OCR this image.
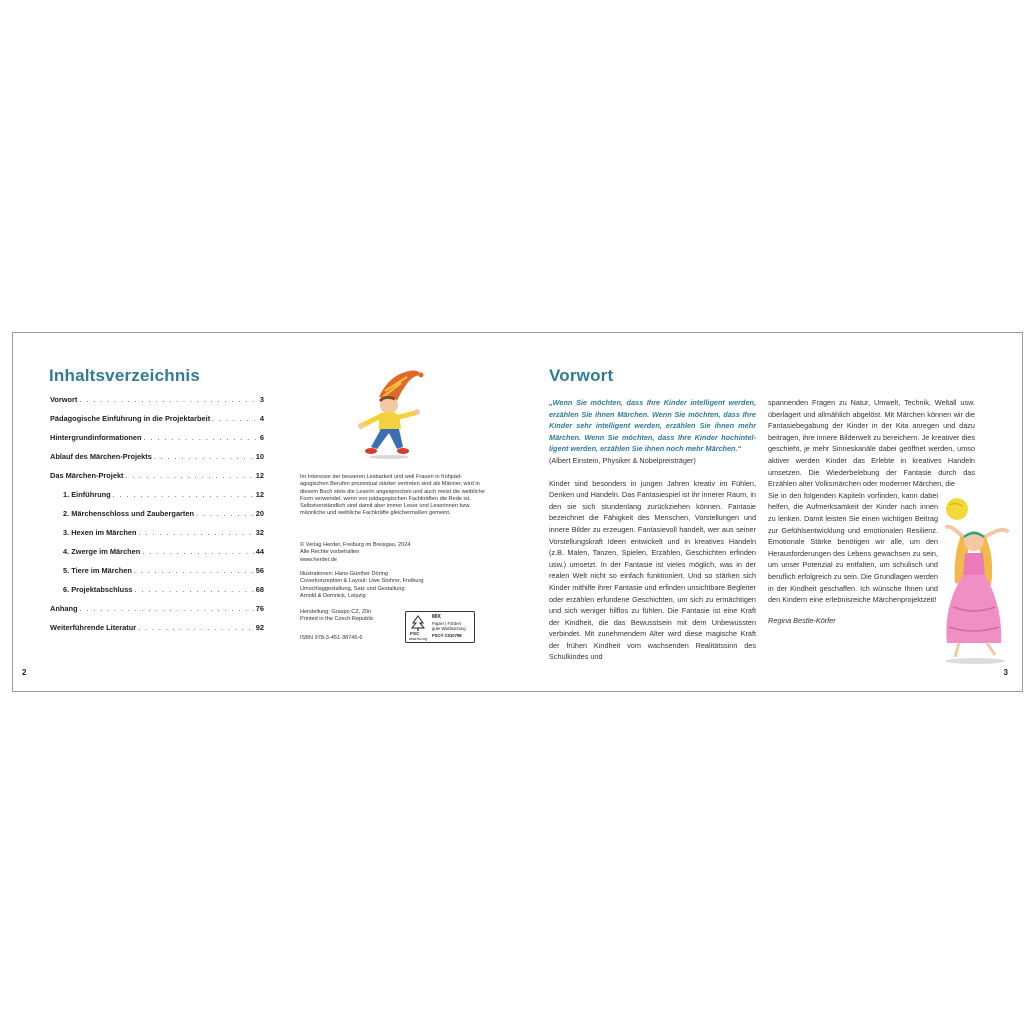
Inhaltsverzeichnis
Vorwort . . .	3
Pädagogische Einführung in die Projektarbeit . . .	4
Hintergrundinformationen . . .	6
Ablauf des Märchen-Projekts . . .	10
Das Märchen-Projekt . . .	12
1. Einführung . . .	12
2. Märchenschloss und Zaubergarten . . .	20
3. Hexen im Märchen . . .	32
4. Zwerge im Märchen . . .	44
5. Tiere im Märchen . . .	56
6. Projektabschluss . . .	68
Anhang . . .	76
Weiterführende Literatur . . .	92
Im Interesse der besseren Lesbarkeit und weil Frauen in frühpäd-agogischen Berufen prozentual stärker vertreten sind als Männer, wird in diesem Buch stets die Leserin angesprochen und auch meist die weibliche Form verwendet, wenn von pädagogischen Fachkräften die Rede ist. Selbstverständlich sind damit aber immer Leser und Leserinnen bzw. männliche und weibliche Fachkräfte gleichermaßen gemeint.
© Verlag Herder, Freiburg im Breisgau, 2024
Alle Rechte vorbehalten
www.herder.de
Illustrationen: Hans-Günther Döring
Coverkonzeption & Layout: Uwe Stohrer, Freiburg
Umschlaggestaltung, Satz und Gestaltung:
Arnold & Domnick, Leipzig
Herstellung: Graspo CZ, Zlín
Printed in the Czech Republic
ISBN 978-3-451-38745-6
FSC
www.fsc.org
MIX
Papier | Fördert
gute Waldnutzung
FSC® C010798
2
Vorwort
„Wenn Sie möchten, dass Ihre Kinder intelligent werden, erzählen Sie ihnen Märchen. Wenn Sie möchten, dass Ihre Kinder sehr intelligent werden, erzählen Sie ihnen mehr Märchen. Wenn Sie möchten, dass Ihre Kinder hochintel-ligent werden, erzählen Sie ihnen noch mehr Märchen.“
(Albert Einstein, Physiker & Nobelpreisträger)
Kinder sind besonders in jungen Jahren kreativ im Fühlen, Denken und Handeln. Das Fantasiespiel ist ihr innerer Raum, in den sie sich stundenlang zurückziehen können. Fantasie bezeichnet die Fähigkeit des Menschen, Vorstellungen und innere Bilder zu erzeugen. Fantasievoll handelt, wer aus seiner Vorstellungskraft Ideen entwickelt und in kreatives Handeln (z.B. Malen, Tanzen, Spielen, Erzählen, Geschichten erfinden usw.) umsetzt. In der Fantasie ist vieles möglich, was in der realen Welt nicht so einfach funktioniert. Und so stärken sich Kinder mithilfe ihrer Fantasie und erfinden unsichtbare Begleiter oder erzählen erfundene Geschichten, um sich zu ermächtigen und sich weniger hilflos zu fühlen. Die Fantasie ist eine Kraft der Kindheit, die das Bewusstsein mit dem Unbewussten verbindet. Mit zunehmendem Alter wird diese magische Kraft der frühen Kindheit vom wachsenden Realitätssinn des Schulkindes und
spannenden Fragen zu Natur, Umwelt, Technik, Weltall usw. überlagert und allmählich abgelöst. Mit Märchen können wir die Fantasiebegabung der Kinder in der Kita anregen und dazu beitragen, ihre innere Bilderwelt zu bereichern. Je kreativer dies geschieht, je mehr Sinneskanäle dabei geöffnet werden, umso aktiver werden Kinder das Erlebte in kreatives Handeln umsetzen. Die Wiederbelebung der Fantasie durch das Erzählen alter Volksmärchen oder moderner Märchen, die
Sie in den folgenden Kapiteln vorfinden, kann dabei helfen, die Aufmerksamkeit der Kinder nach innen zu lenken. Damit leisten Sie einen wichtigen Beitrag zur Gefühlsentwicklung und emotionalen Resilienz. Emotionale Stärke benötigen wir alle, um den Herausforderungen des Lebens gewachsen zu sein, um unser Potenzial zu entfalten, um schulisch und beruflich erfolgreich zu sein. Die Grundlagen werden in der Kindheit geschaffen. Ich wünsche Ihnen und den Kindern eine erlebnisreiche Märchenprojektzeit!
Regina Bestle-Körfer
3
